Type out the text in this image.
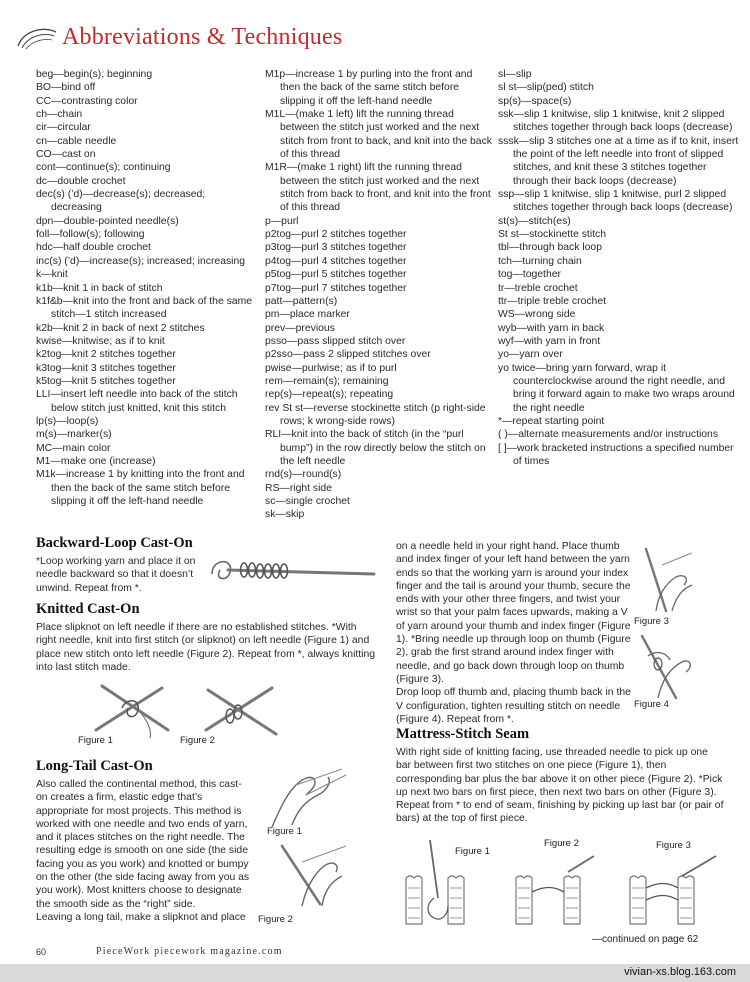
Abbreviations & Techniques
beg—begin(s); beginning
BO—bind off
CC—contrasting color
ch—chain
cir—circular
cn—cable needle
CO—cast on
cont—continue(s); continuing
dc—double crochet
dec(s) (’d)—decrease(s); decreased; decreasing
dpn—double-pointed needle(s)
foll—follow(s); following
hdc—half double crochet
inc(s) (’d)—increase(s); increased; increasing
k—knit
k1b—knit 1 in back of stitch
k1f&b—knit into the front and back of the same stitch—1 stitch increased
k2b—knit 2 in back of next 2 stitches
kwise—knitwise; as if to knit
k2tog—knit 2 stitches together
k3tog—knit 3 stitches together
k5tog—knit 5 stitches together
LLI—insert left needle into back of the stitch below stitch just knitted, knit this stitch
lp(s)—loop(s)
m(s)—marker(s)
MC—main color
M1—make one (increase)
M1k—increase 1 by knitting into the front and then the back of the same stitch before slipping it off the left-hand needle
M1p—increase 1 by purling into the front and then the back of the same stitch before slipping it off the left-hand needle
M1L—(make 1 left) lift the running thread between the stitch just worked and the next stitch from front to back, and knit into the back of this thread
M1R—(make 1 right) lift the running thread between the stitch just worked and the next stitch from back to front, and knit into the front of this thread
p—purl
p2tog—purl 2 stitches together
p3tog—purl 3 stitches together
p4tog—purl 4 stitches together
p5tog—purl 5 stitches together
p7tog—purl 7 stitches together
patt—pattern(s)
pm—place marker
prev—previous
psso—pass slipped stitch over
p2sso—pass 2 slipped stitches over
pwise—purlwise; as if to purl
rem—remain(s); remaining
rep(s)—repeat(s); repeating
rev St st—reverse stockinette stitch (p right-side rows; k wrong-side rows)
RLI—knit into the back of stitch (in the “purl bump”) in the row directly below the stitch on the left needle
rnd(s)—round(s)
RS—right side
sc—single crochet
sk—skip
sl—slip
sl st—slip(ped) stitch
sp(s)—space(s)
ssk—slip 1 knitwise, slip 1 knitwise, knit 2 slipped stitches together through back loops (decrease)
sssk—slip 3 stitches one at a time as if to knit, insert the point of the left needle into front of slipped stitches, and knit these 3 stitches together through their back loops (decrease)
ssp—slip 1 knitwise, slip 1 knitwise, purl 2 slipped stitches together through back loops (decrease)
st(s)—stitch(es)
St st—stockinette stitch
tbl—through back loop
tch—turning chain
tog—together
tr—treble crochet
ttr—triple treble crochet
WS—wrong side
wyb—with yarn in back
wyf—with yarn in front
yo—yarn over
yo twice—bring yarn forward, wrap it counterclockwise around the right needle, and bring it forward again to make two wraps around the right needle
*—repeat starting point
( )—alternate measurements and/or instructions
[ ]—work bracketed instructions a specified number of times
Backward-Loop Cast-On

*Loop working yarn and place it on needle backward so that it doesn’t unwind. Repeat from *.

Knitted Cast-On

Place slipknot on left needle if there are no established stitches. *With right needle, knit into first stitch (or slipknot) on left needle (Figure 1) and place new stitch onto left needle (Figure 2). Repeat from *, always knitting into last stitch made.

Figure 1	Figure 2
Long-Tail Cast-On

Also called the continental method, this cast-on creates a firm, elastic edge that’s appropriate for most projects. This method is worked with one needle and two ends of yarn, and it places stitches on the right needle. The resulting edge is smooth on one side (the side facing you as you work) and knotted or bumpy on the other (the side facing away from you as you work). Most knitters choose to designate the smooth side as the “right” side.

Leaving a long tail, make a slipknot and place

Figure 1
Figure 2

on a needle held in your right hand. Place thumb and index finger of your left hand between the yarn ends so that the working yarn is around your index finger and the tail is around your thumb, secure the ends with your other three fingers, and twist your wrist so that your palm faces upwards, making a V of yarn around your thumb and index finger (Figure 1). *Bring needle up through loop on thumb (Figure 2), grab the first strand around index finger with needle, and go back down through loop on thumb (Figure 3).

Drop loop off thumb and, placing thumb back in the V configuration, tighten resulting stitch on needle (Figure 4). Repeat from *.

Figure 3
Figure 4
Mattress-Stitch Seam

With right side of knitting facing, use threaded needle to pick up one bar between first two stitches on one piece (Figure 1), then corresponding bar plus the bar above it on other piece (Figure 2). *Pick up next two bars on first piece, then next two bars on other (Figure 3). Repeat from * to end of seam, finishing by picking up last bar (or pair of bars) at the top of first piece.

Figure 1
Figure 2	Figure 3
—continued on page 62
60	PieceWork piecework magazine.com
vivian-xs.blog.163.com
